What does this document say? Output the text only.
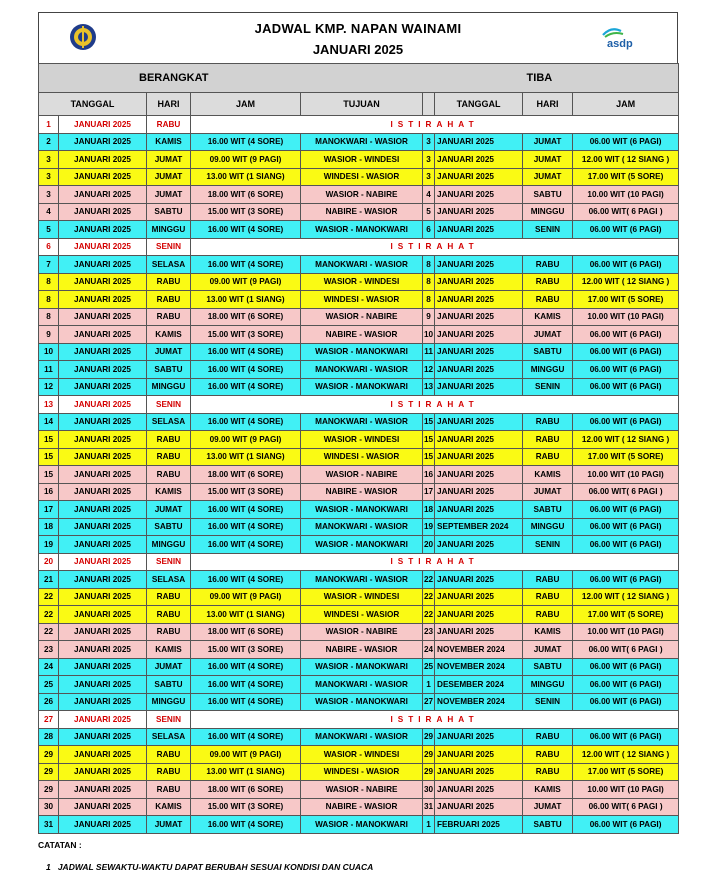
JADWAL KMP. NAPAN WAINAMI
JANUARI 2025	asdp
BERANGKAT					TIBA			
TANGGAL		HARI	JAM	TUJUAN		TANGGAL	HARI	JAM
1	JANUARI 2025	RABU	ISTIRAHAT					
2	JANUARI 2025	KAMIS	16.00 WIT (4 SORE)	MANOKWARI - WASIOR	3	JANUARI 2025	JUMAT	06.00 WIT (6 PAGI)
3	JANUARI 2025	JUMAT	09.00 WIT (9 PAGI)	WASIOR - WINDESI	3	JANUARI 2025	JUMAT	12.00 WIT ( 12 SIANG )
3	JANUARI 2025	JUMAT	13.00 WIT (1 SIANG)	WINDESI - WASIOR	3	JANUARI 2025	JUMAT	17.00 WIT (5 SORE)
3	JANUARI 2025	JUMAT	18.00 WIT (6 SORE)	WASIOR - NABIRE	4	JANUARI 2025	SABTU	10.00 WIT (10 PAGI)
4	JANUARI 2025	SABTU	15.00 WIT (3 SORE)	NABIRE - WASIOR	5	JANUARI 2025	MINGGU	06.00 WIT( 6 PAGI )
5	JANUARI 2025	MINGGU	16.00 WIT (4 SORE)	WASIOR - MANOKWARI	6	JANUARI 2025	SENIN	06.00 WIT (6 PAGI)
6	JANUARI 2025	SENIN	ISTIRAHAT					
7	JANUARI 2025	SELASA	16.00 WIT (4 SORE)	MANOKWARI - WASIOR	8	JANUARI 2025	RABU	06.00 WIT (6 PAGI)
8	JANUARI 2025	RABU	09.00 WIT (9 PAGI)	WASIOR - WINDESI	8	JANUARI 2025	RABU	12.00 WIT ( 12 SIANG )
8	JANUARI 2025	RABU	13.00 WIT (1 SIANG)	WINDESI - WASIOR	8	JANUARI 2025	RABU	17.00 WIT (5 SORE)
8	JANUARI 2025	RABU	18.00 WIT (6 SORE)	WASIOR - NABIRE	9	JANUARI 2025	KAMIS	10.00 WIT (10 PAGI)
9	JANUARI 2025	KAMIS	15.00 WIT (3 SORE)	NABIRE - WASIOR	10	JANUARI 2025	JUMAT	06.00 WIT (6 PAGI)
10	JANUARI 2025	JUMAT	16.00 WIT (4 SORE)	WASIOR - MANOKWARI	11	JANUARI 2025	SABTU	06.00 WIT (6 PAGI)
11	JANUARI 2025	SABTU	16.00 WIT (4 SORE)	MANOKWARI - WASIOR	12	JANUARI 2025	MINGGU	06.00 WIT (6 PAGI)
12	JANUARI 2025	MINGGU	16.00 WIT (4 SORE)	WASIOR - MANOKWARI	13	JANUARI 2025	SENIN	06.00 WIT (6 PAGI)
13	JANUARI 2025	SENIN	ISTIRAHAT					
14	JANUARI 2025	SELASA	16.00 WIT (4 SORE)	MANOKWARI - WASIOR	15	JANUARI 2025	RABU	06.00 WIT (6 PAGI)
15	JANUARI 2025	RABU	09.00 WIT (9 PAGI)	WASIOR - WINDESI	15	JANUARI 2025	RABU	12.00 WIT ( 12 SIANG )
15	JANUARI 2025	RABU	13.00 WIT (1 SIANG)	WINDESI - WASIOR	15	JANUARI 2025	RABU	17.00 WIT (5 SORE)
15	JANUARI 2025	RABU	18.00 WIT (6 SORE)	WASIOR - NABIRE	16	JANUARI 2025	KAMIS	10.00 WIT (10 PAGI)
16	JANUARI 2025	KAMIS	15.00 WIT (3 SORE)	NABIRE - WASIOR	17	JANUARI 2025	JUMAT	06.00 WIT( 6 PAGI )
17	JANUARI 2025	JUMAT	16.00 WIT (4 SORE)	WASIOR - MANOKWARI	18	JANUARI 2025	SABTU	06.00 WIT (6 PAGI)
18	JANUARI 2025	SABTU	16.00 WIT (4 SORE)	MANOKWARI - WASIOR	19	SEPTEMBER 2024	MINGGU	06.00 WIT (6 PAGI)
19	JANUARI 2025	MINGGU	16.00 WIT (4 SORE)	WASIOR - MANOKWARI	20	JANUARI 2025	SENIN	06.00 WIT (6 PAGI)
20	JANUARI 2025	SENIN	ISTIRAHAT					
21	JANUARI 2025	SELASA	16.00 WIT (4 SORE)	MANOKWARI - WASIOR	22	JANUARI 2025	RABU	06.00 WIT (6 PAGI)
22	JANUARI 2025	RABU	09.00 WIT (9 PAGI)	WASIOR - WINDESI	22	JANUARI 2025	RABU	12.00 WIT ( 12 SIANG )
22	JANUARI 2025	RABU	13.00 WIT (1 SIANG)	WINDESI - WASIOR	22	JANUARI 2025	RABU	17.00 WIT (5 SORE)
22	JANUARI 2025	RABU	18.00 WIT (6 SORE)	WASIOR - NABIRE	23	JANUARI 2025	KAMIS	10.00 WIT (10 PAGI)
23	JANUARI 2025	KAMIS	15.00 WIT (3 SORE)	NABIRE - WASIOR	24	NOVEMBER 2024	JUMAT	06.00 WIT( 6 PAGI )
24	JANUARI 2025	JUMAT	16.00 WIT (4 SORE)	WASIOR - MANOKWARI	25	NOVEMBER 2024	SABTU	06.00 WIT (6 PAGI)
25	JANUARI 2025	SABTU	16.00 WIT (4 SORE)	MANOKWARI - WASIOR	1	DESEMBER 2024	MINGGU	06.00 WIT (6 PAGI)
26	JANUARI 2025	MINGGU	16.00 WIT (4 SORE)	WASIOR - MANOKWARI	27	NOVEMBER 2024	SENIN	06.00 WIT (6 PAGI)
27	JANUARI 2025	SENIN	ISTIRAHAT					
28	JANUARI 2025	SELASA	16.00 WIT (4 SORE)	MANOKWARI - WASIOR	29	JANUARI 2025	RABU	06.00 WIT (6 PAGI)
29	JANUARI 2025	RABU	09.00 WIT (9 PAGI)	WASIOR - WINDESI	29	JANUARI 2025	RABU	12.00 WIT ( 12 SIANG )
29	JANUARI 2025	RABU	13.00 WIT (1 SIANG)	WINDESI - WASIOR	29	JANUARI 2025	RABU	17.00 WIT (5 SORE)
29	JANUARI 2025	RABU	18.00 WIT (6 SORE)	WASIOR - NABIRE	30	JANUARI 2025	KAMIS	10.00 WIT (10 PAGI)
30	JANUARI 2025	KAMIS	15.00 WIT (3 SORE)	NABIRE - WASIOR	31	JANUARI 2025	JUMAT	06.00 WIT( 6 PAGI )
31	JANUARI 2025	JUMAT	16.00 WIT (4 SORE)	WASIOR - MANOKWARI	1	FEBRUARI 2025	SABTU	06.00 WIT (6 PAGI)
CATATAN :
1 JADWAL SEWAKTU-WAKTU DAPAT BERUBAH SESUAI KONDISI DAN CUACA
